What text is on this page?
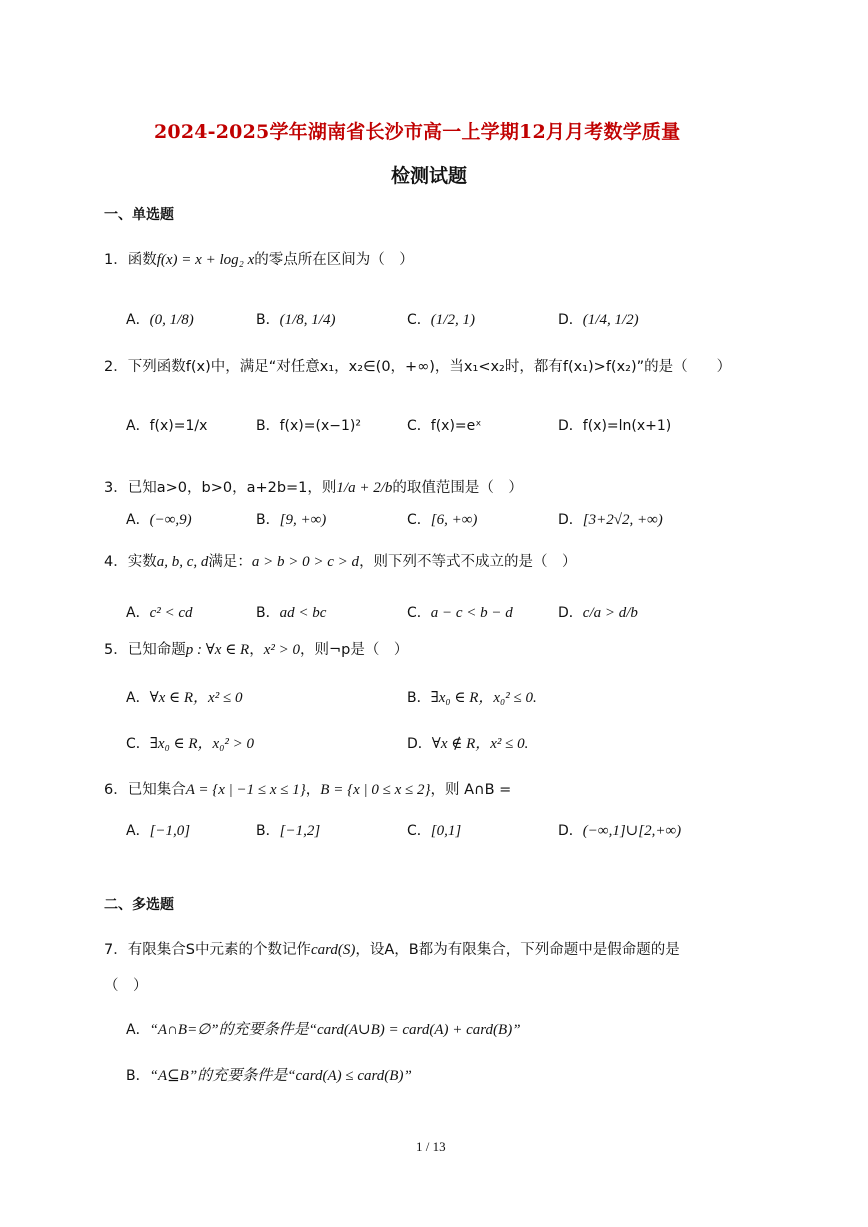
2024-2025学年湖南省长沙市高一上学期12月月考数学质量
检测试题
一、单选题
1．函数f(x) = x + log₂ x的零点所在区间为（　）
A．(0, 1/8)	B．(1/8, 1/4)	C．(1/2, 1)	D．(1/4, 1/2)
2．下列函数f(x)中，满足“对任意x₁，x₂∈(0，+∞)，当x₁<x₂时，都有f(x₁)>f(x₂)”的是（　　）
A．f(x)=1/x	B．f(x)=(x−1)²	C．f(x)=eˣ	D．f(x)=ln(x+1)
3．已知a>0，b>0，a+2b=1，则1/a + 2/b的取值范围是（　）
A．(−∞,9)	B．[9, +∞)	C．[6, +∞)	D．[3+2√2, +∞)
4．实数a, b, c, d满足：a > b > 0 > c > d，则下列不等式不成立的是（　）
A．c² < cd	B．ad < bc	C．a − c < b − d	D．c/a > d/b
5．已知命题p : ∀x ∈ R，x² > 0，则¬p是（　）
A．∀x ∈ R，x² ≤ 0	B．∃x₀ ∈ R，x₀² ≤ 0.
C．∃x₀ ∈ R，x₀² > 0	D．∀x ∉ R，x² ≤ 0.
6．已知集合A = {x | −1 ≤ x ≤ 1}，B = {x | 0 ≤ x ≤ 2}，则 A∩B =
A．[−1,0]	B．[−1,2]	C．[0,1]	D．(−∞,1]∪[2,+∞)
二、多选题
7．有限集合S中元素的个数记作card(S)，设A，B都为有限集合，下列命题中是假命题的是
（　）
A．“A∩B=∅”的充要条件是“card(A∪B) = card(A) + card(B)”
B．“A⊆B”的充要条件是“card(A) ≤ card(B)”
1 / 13
